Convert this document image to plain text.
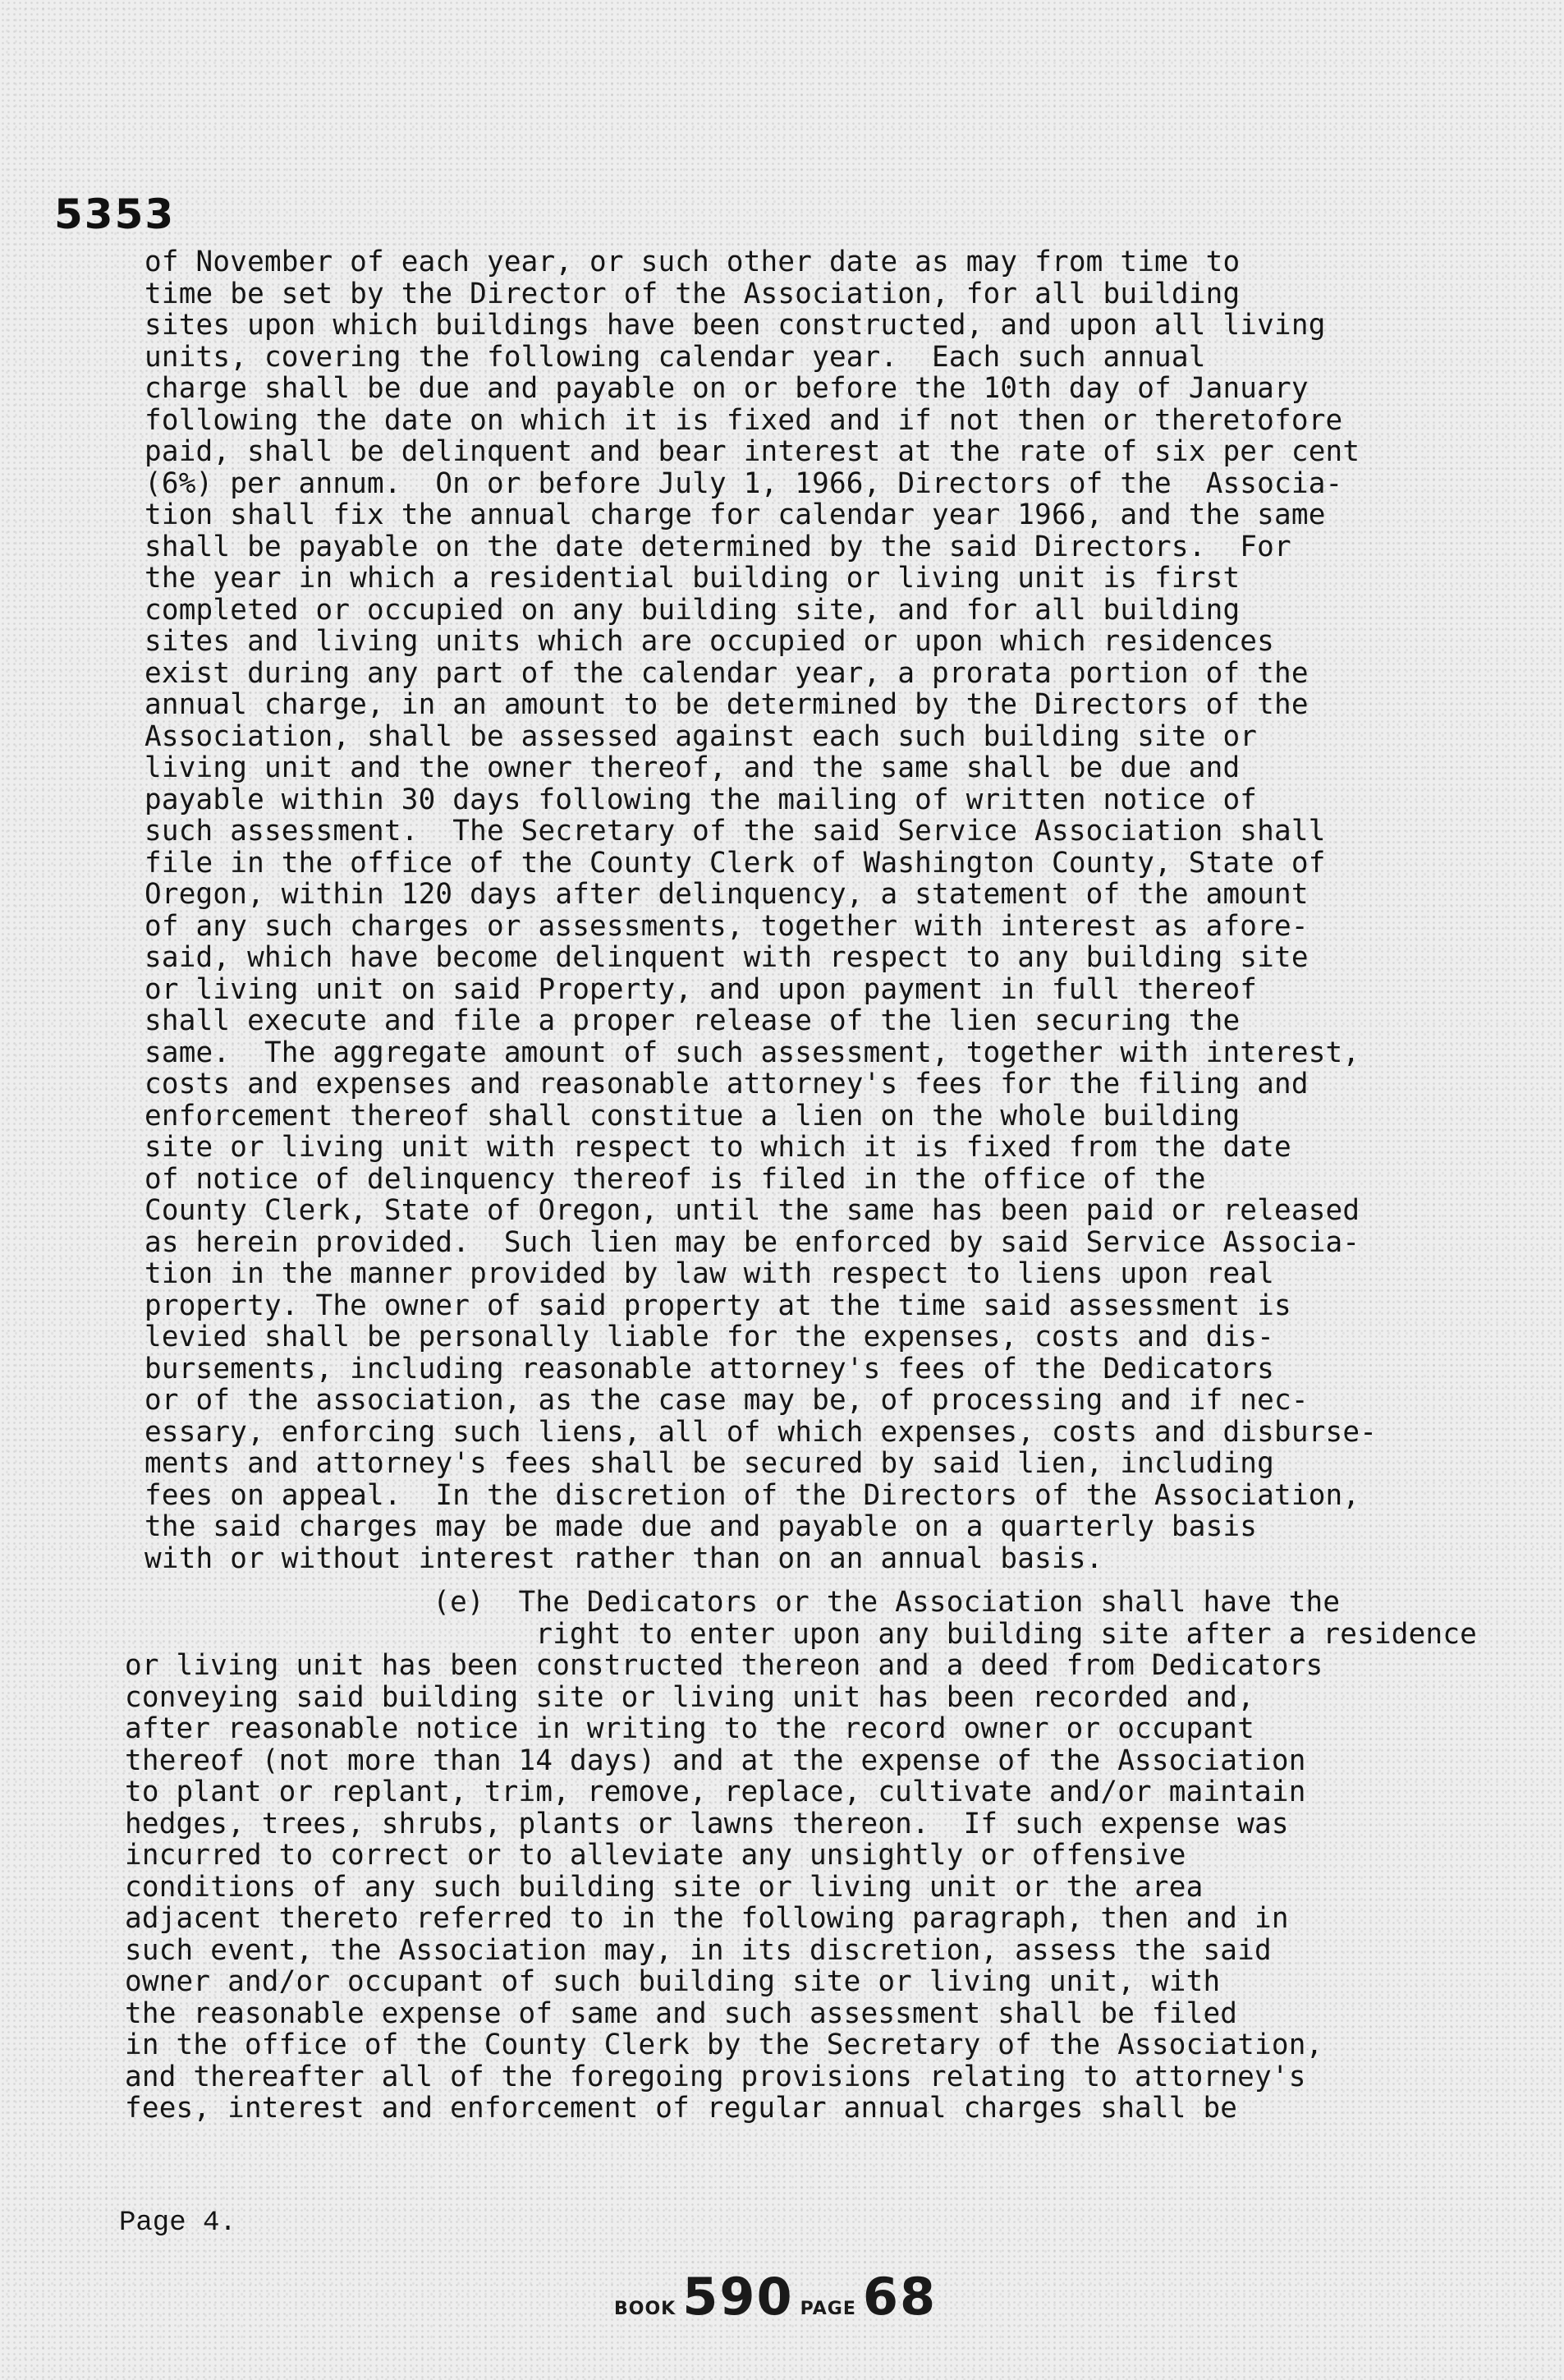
5353
of November of each year, or such other date as may from time to
time be set by the Director of the Association, for all building
sites upon which buildings have been constructed, and upon all living
units, covering the following calendar year.  Each such annual
charge shall be due and payable on or before the 10th day of January
following the date on which it is fixed and if not then or theretofore
paid, shall be delinquent and bear interest at the rate of six per cent
(6%) per annum.  On or before July 1, 1966, Directors of the  Associa-
tion shall fix the annual charge for calendar year 1966, and the same
shall be payable on the date determined by the said Directors.  For
the year in which a residential building or living unit is first
completed or occupied on any building site, and for all building
sites and living units which are occupied or upon which residences
exist during any part of the calendar year, a prorata portion of the
annual charge, in an amount to be determined by the Directors of the
Association, shall be assessed against each such building site or
living unit and the owner thereof, and the same shall be due and
payable within 30 days following the mailing of written notice of
such assessment.  The Secretary of the said Service Association shall
file in the office of the County Clerk of Washington County, State of
Oregon, within 120 days after delinquency, a statement of the amount
of any such charges or assessments, together with interest as afore-
said, which have become delinquent with respect to any building site
or living unit on said Property, and upon payment in full thereof
shall execute and file a proper release of the lien securing the
same.  The aggregate amount of such assessment, together with interest,
costs and expenses and reasonable attorney's fees for the filing and
enforcement thereof shall constitue a lien on the whole building
site or living unit with respect to which it is fixed from the date
of notice of delinquency thereof is filed in the office of the
County Clerk, State of Oregon, until the same has been paid or released
as herein provided.  Such lien may be enforced by said Service Associa-
tion in the manner provided by law with respect to liens upon real
property. The owner of said property at the time said assessment is
levied shall be personally liable for the expenses, costs and dis-
bursements, including reasonable attorney's fees of the Dedicators
or of the association, as the case may be, of processing and if nec-
essary, enforcing such liens, all of which expenses, costs and disburse-
ments and attorney's fees shall be secured by said lien, including
fees on appeal.  In the discretion of the Directors of the Association,
the said charges may be made due and payable on a quarterly basis
with or without interest rather than on an annual basis.
(e)  The Dedicators or the Association shall have the
right to enter upon any building site after a residence
or living unit has been constructed thereon and a deed from Dedicators
conveying said building site or living unit has been recorded and,
after reasonable notice in writing to the record owner or occupant
thereof (not more than 14 days) and at the expense of the Association
to plant or replant, trim, remove, replace, cultivate and/or maintain
hedges, trees, shrubs, plants or lawns thereon.  If such expense was
incurred to correct or to alleviate any unsightly or offensive
conditions of any such building site or living unit or the area
adjacent thereto referred to in the following paragraph, then and in
such event, the Association may, in its discretion, assess the said
owner and/or occupant of such building site or living unit, with
the reasonable expense of same and such assessment shall be filed
in the office of the County Clerk by the Secretary of the Association,
and thereafter all of the foregoing provisions relating to attorney's
fees, interest and enforcement of regular annual charges shall be
Page 4.
BOOK 590 PAGE 68
